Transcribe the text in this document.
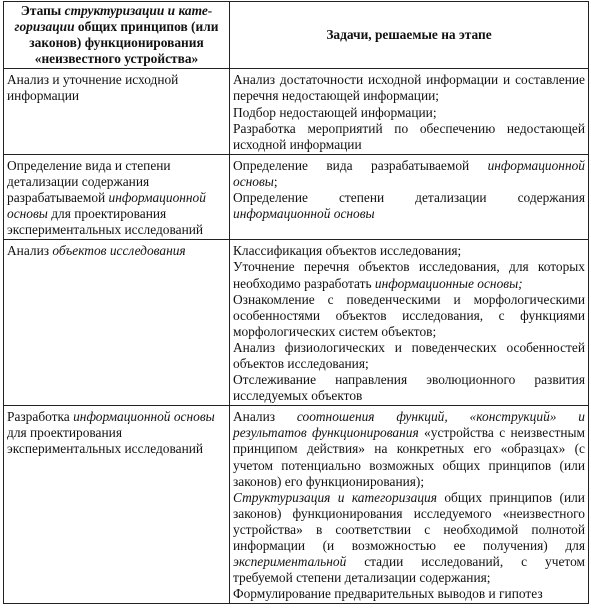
Этапы структуризации и кате-горизации общих принципов (или законов) функционирования «неизвестного устройства»	Задачи, решаемые на этапе
Анализ и уточнение исходной информации	Анализ достаточности исходной информации и составление перечня недостающей информации;
Подбор недостающей информации;
Разработка мероприятий по обеспечению недостающей исходной информации

Определение вида и степени детализации содержания разрабатываемой информационной основы для проектирования экспериментальных исследований	Определение вида разрабатываемой информационной основы;
Определение степени детализации содержания информационной основы

Анализ объектов исследования	Классификация объектов исследования;
Уточнение перечня объектов исследования, для которых необходимо разработать информационные основы;
Ознакомление с поведенческими и морфологическими особенностями объектов исследования, с функциями морфологических систем объектов;
Анализ физиологических и поведенческих особенностей объектов исследования;
Отслеживание направления эволюционного развития исследуемых объектов

Разработка информационной основы для проектирования экспериментальных исследований	Анализ соотношения функций, «конструкций» и результатов функционирования «устройства с неизвестным принципом действия» на конкретных его «образцах» (с учетом потенциально возможных общих принципов (или законов) его функционирования);
Структуризация и категоризация общих принципов (или законов) функционирования исследуемого «неизвестного устройства» в соответствии с необходимой полнотой информации (и возможностью ее получения) для экспериментальной стадии исследований, с учетом требуемой степени детализации содержания;
Формулирование предварительных выводов и гипотез
